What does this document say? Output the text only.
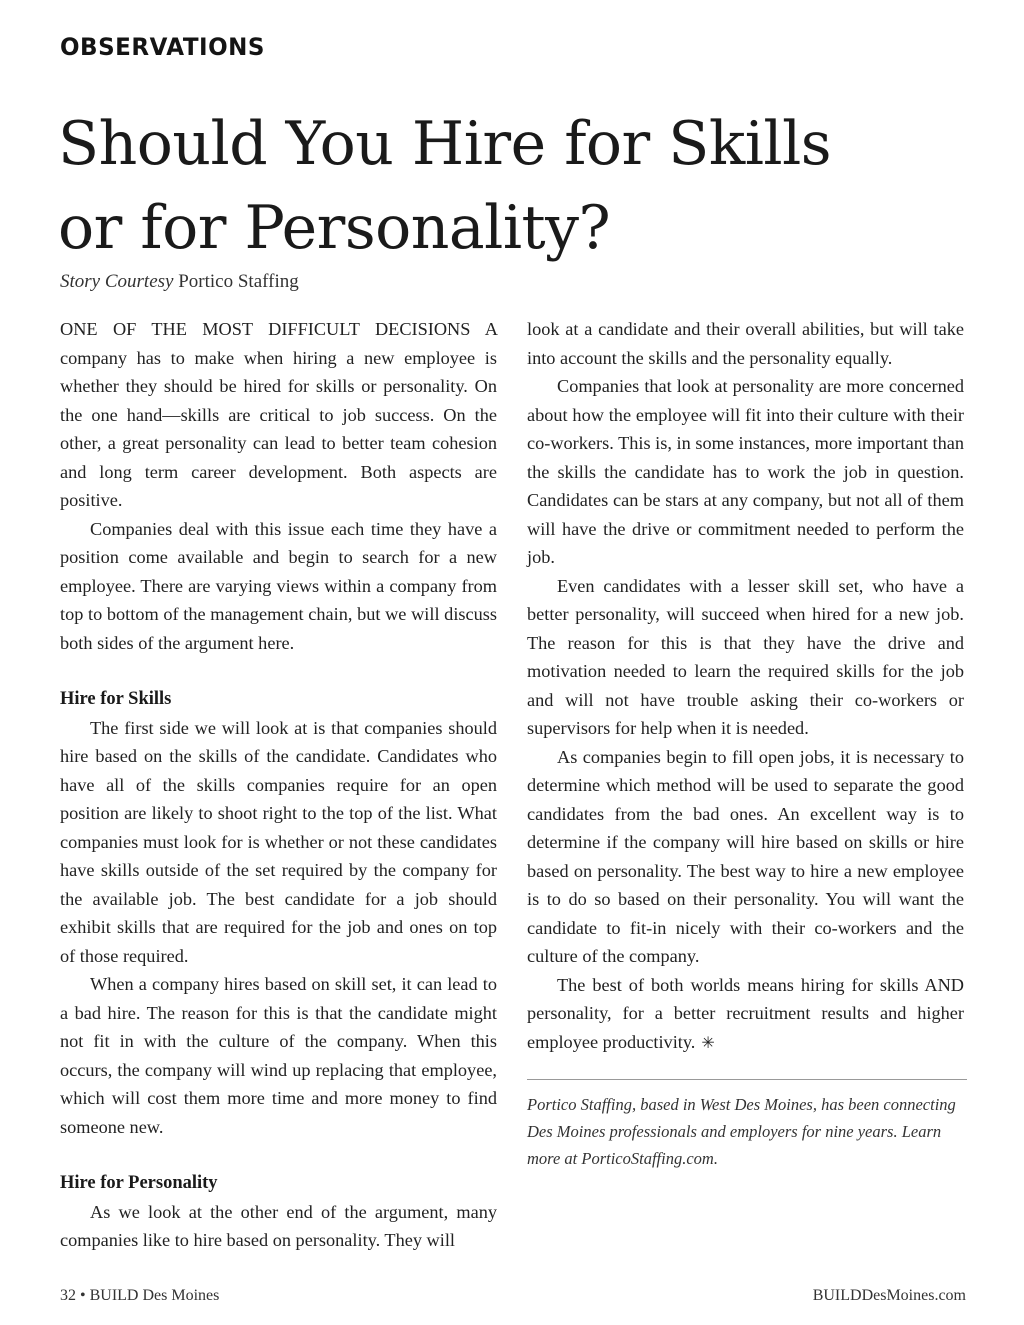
OBSERVATIONS
Should You Hire for Skills
or for Personality?
Story Courtesy Portico Staffing

ONE OF THE MOST DIFFICULT DECISIONS A company has to make when hiring a new employee is whether they should be hired for skills or personality. On the one hand—skills are critical to job success. On the other, a great personality can lead to better team cohesion and long term career development. Both aspects are positive.

Companies deal with this issue each time they have a position come available and begin to search for a new employee. There are varying views within a company from top to bottom of the management chain, but we will discuss both sides of the argument here.

Hire for Skills

The first side we will look at is that companies should hire based on the skills of the candidate. Candidates who have all of the skills companies require for an open position are likely to shoot right to the top of the list. What companies must look for is whether or not these candidates have skills outside of the set required by the company for the available job. The best candidate for a job should exhibit skills that are required for the job and ones on top of those required.

When a company hires based on skill set, it can lead to a bad hire. The reason for this is that the candidate might not fit in with the culture of the company. When this occurs, the company will wind up replacing that employee, which will cost them more time and more money to find someone new.

Hire for Personality

As we look at the other end of the argument, many companies like to hire based on personality. They will

look at a candidate and their overall abilities, but will take into account the skills and the personality equally.

Companies that look at personality are more concerned about how the employee will fit into their culture with their co-workers. This is, in some instances, more important than the skills the candidate has to work the job in question. Candidates can be stars at any company, but not all of them will have the drive or commitment needed to perform the job.

Even candidates with a lesser skill set, who have a better personality, will succeed when hired for a new job. The reason for this is that they have the drive and motivation needed to learn the required skills for the job and will not have trouble asking their co-workers or supervisors for help when it is needed.

As companies begin to fill open jobs, it is necessary to determine which method will be used to separate the good candidates from the bad ones. An excellent way is to determine if the company will hire based on skills or hire based on personality. The best way to hire a new employee is to do so based on their personality. You will want the candidate to fit-in nicely with their co-workers and the culture of the company.

The best of both worlds means hiring for skills AND personality, for a better recruitment results and higher employee productivity. ✳

Portico Staffing, based in West Des Moines, has been connecting Des Moines professionals and employers for nine years. Learn more at PorticoStaffing.com.

32 • BUILD Des Moines	BUILDDesMoines.com
